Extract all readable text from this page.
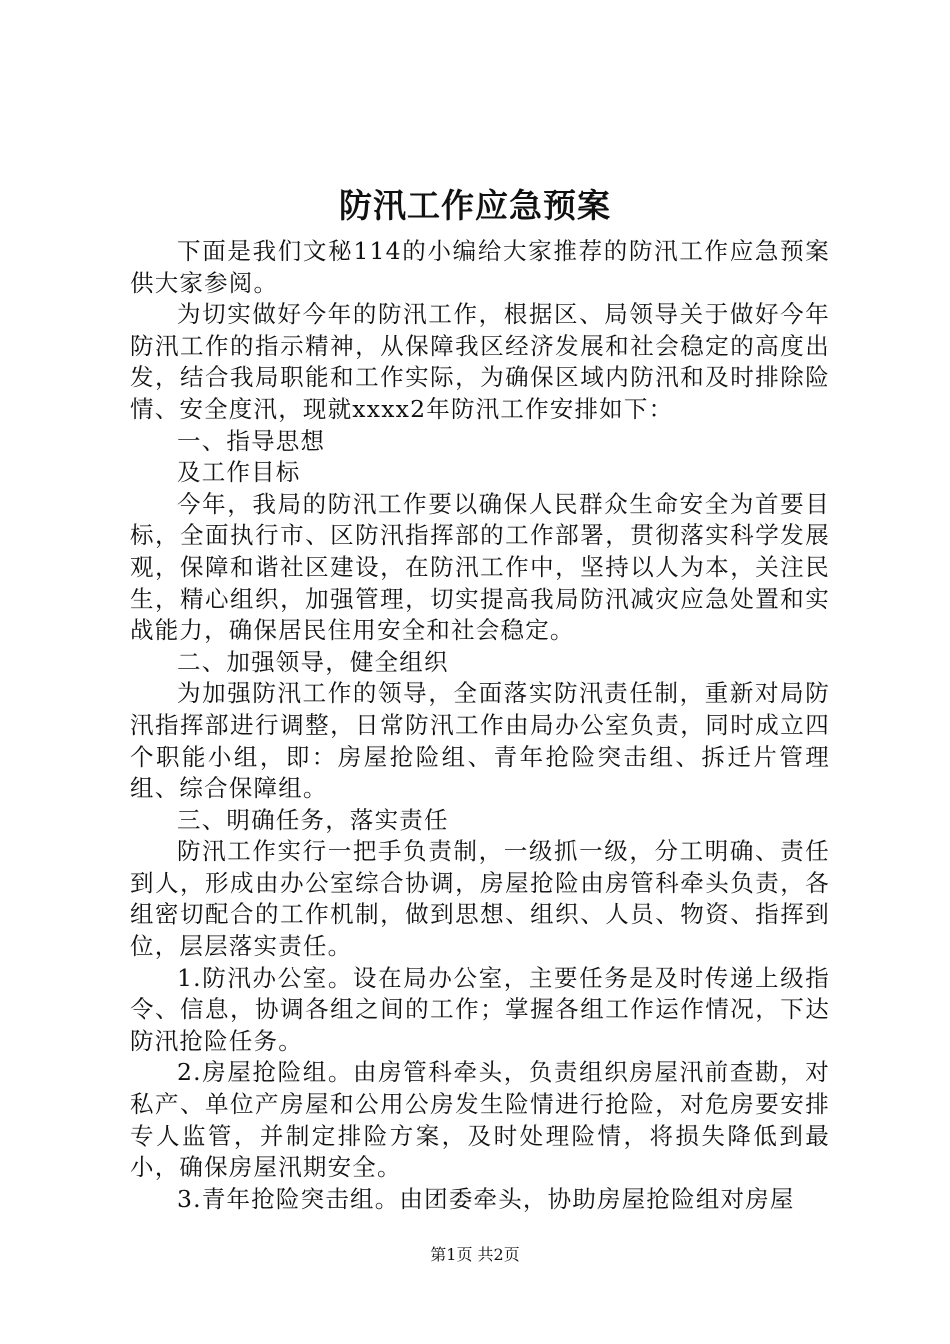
防汛工作应急预案

下面是我们文秘114的小编给大家推荐的防汛工作应急预案供大家参阅。

为切实做好今年的防汛工作，根据区、局领导关于做好今年防汛工作的指示精神，从保障我区经济发展和社会稳定的高度出发，结合我局职能和工作实际，为确保区域内防汛和及时排除险情、安全度汛，现就xxxx2年防汛工作安排如下：

一、指导思想

及工作目标

今年，我局的防汛工作要以确保人民群众生命安全为首要目标，全面执行市、区防汛指挥部的工作部署，贯彻落实科学发展观，保障和谐社区建设，在防汛工作中，坚持以人为本，关注民生，精心组织，加强管理，切实提高我局防汛减灾应急处置和实战能力，确保居民住用安全和社会稳定。

二、加强领导，健全组织

为加强防汛工作的领导，全面落实防汛责任制，重新对局防汛指挥部进行调整，日常防汛工作由局办公室负责，同时成立四个职能小组，即：房屋抢险组、青年抢险突击组、拆迁片管理组、综合保障组。

三、明确任务，落实责任

防汛工作实行一把手负责制，一级抓一级，分工明确、责任到人，形成由办公室综合协调，房屋抢险由房管科牵头负责，各组密切配合的工作机制，做到思想、组织、人员、物资、指挥到位，层层落实责任。

1.防汛办公室。设在局办公室，主要任务是及时传递上级指令、信息，协调各组之间的工作；掌握各组工作运作情况，下达防汛抢险任务。

2.房屋抢险组。由房管科牵头，负责组织房屋汛前查勘，对私产、单位产房屋和公用公房发生险情进行抢险，对危房要安排专人监管，并制定排险方案，及时处理险情，将损失降低到最小，确保房屋汛期安全。

3.青年抢险突击组。由团委牵头，协助房屋抢险组对房屋

第1页 共2页
